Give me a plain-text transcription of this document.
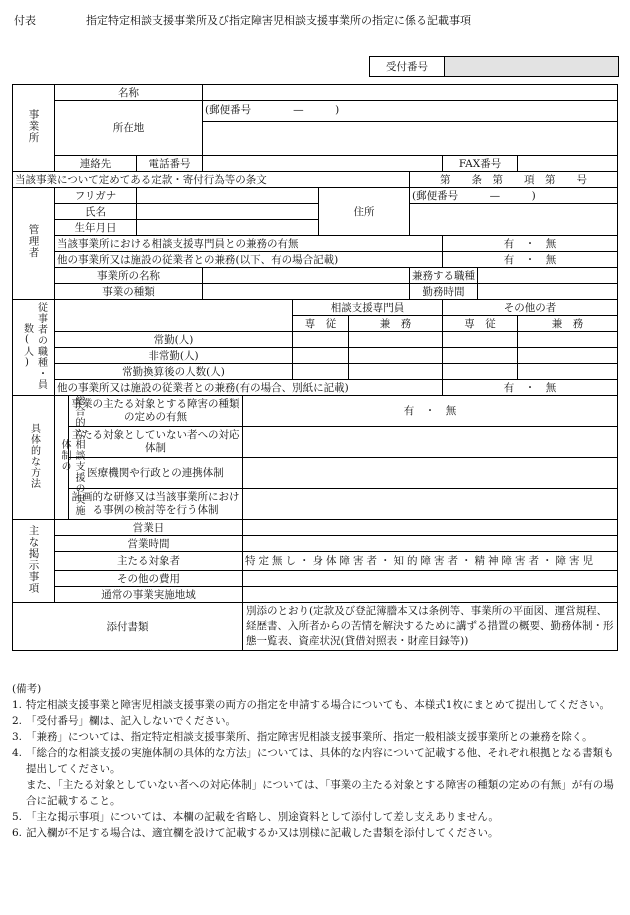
付表	指定特定相談支援事業所及び指定障害児相談支援事業所の指定に係る記載事項
受付番号
事業所	名称											
	所在地			(郵便番号　　　　—　　　)								

	連絡先		電話番号							FAX番号		
当該事業について定めてある定款・寄付行為等の条文									第　　条　第　　項　第　　号			
管理者	フリガナ						住所		(郵便番号　　　—　　　)			
	氏名											
	生年月日											
	当該事業所における相談支援専門員との兼務の有無									有　・　無		
	他の事業所又は施設の従業者との兼務(以下、有の場合記載)									有　・　無		
	事業所の名称								兼務する職種			
	事業の種類								勤務時間			
従事者の職種・員数(人)						相談支援専門員				その他の者		
						専　従		兼　務		専　従		兼　務
	常勤(人)											
	非常勤(人)											
	常勤換算後の人数(人)											
	他の事業所又は施設の従業者との兼務(有の場合、別紙に記載)									有　・　無		
具体的な方法	総合的な相談支援の実施体制の	事業の主たる対象とする障害の種類の定めの有無			有　・　無							
		主たる対象としていない者への対応体制										
		医療機関や行政との連携体制										
		計画的な研修又は当該事業所における事例の検討等を行う体制										
主な掲示事項	営業日											
	営業時間											
	主たる対象者				特定無し・身体障害者・知的障害者・精神障害者・障害児							
	その他の費用											
	通常の事業実施地域											
添付書類					別添のとおり(定款及び登記簿謄本又は条例等、事業所の平面図、運営規程、経歴書、入所者からの苦情を解決するために講ずる措置の概要、勤務体制・形態一覧表、資産状況(貸借対照表・財産目録等))							
(備考)
1. 特定相談支援事業と障害児相談支援事業の両方の指定を申請する場合についても、本様式1枚にまとめて提出してください。
2. 「受付番号」欄は、記入しないでください。
3. 「兼務」については、指定特定相談支援事業所、指定障害児相談支援事業所、指定一般相談支援事業所との兼務を除く。
4. 「総合的な相談支援の実施体制の具体的な方法」については、具体的な内容について記載する他、それぞれ根拠となる書類も提出してください。
また、「主たる対象としていない者への対応体制」については、「事業の主たる対象とする障害の種類の定めの有無」が有の場合に記載すること。
5. 「主な掲示事項」については、本欄の記載を省略し、別途資料として添付して差し支えありません。
6. 記入欄が不足する場合は、適宜欄を設けて記載するか又は別様に記載した書類を添付してください。
